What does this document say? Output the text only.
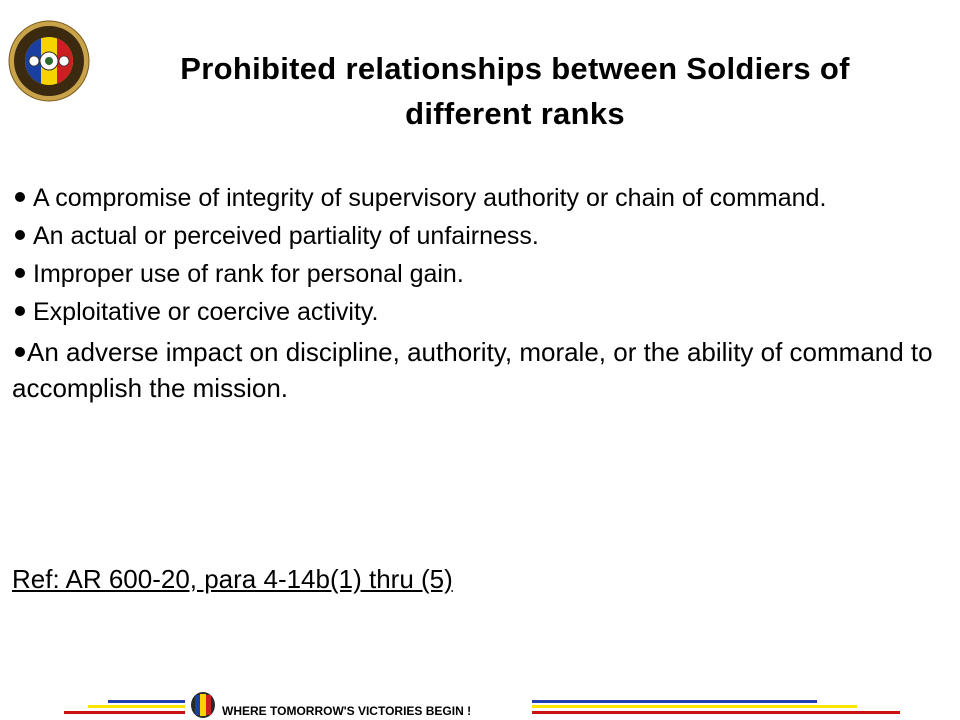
Prohibited relationships between Soldiers of
different ranks
A compromise of integrity of supervisory authority or chain of command.
An actual or perceived partiality of unfairness.
Improper use of rank for personal gain.
Exploitative or coercive activity.
An adverse impact on discipline, authority, morale, or the ability of command to accomplish the mission.
Ref: AR 600-20, para 4-14b(1) thru (5)
WHERE TOMORROW'S VICTORIES BEGIN !
